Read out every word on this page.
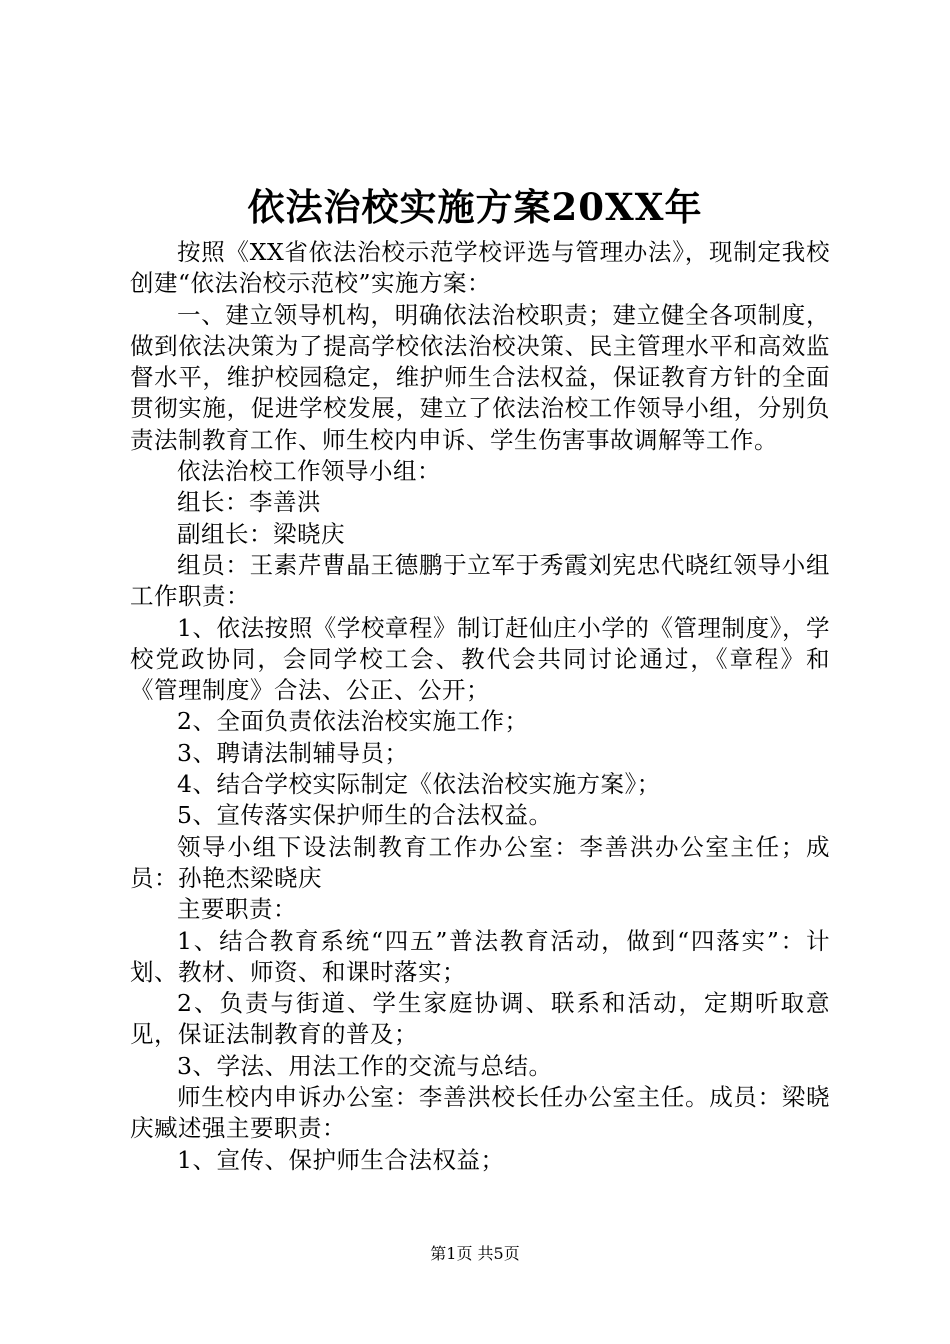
依法治校实施方案20XX年

按照《XX省依法治校示范学校评选与管理办法》，现制定我校创建“依法治校示范校”实施方案：

一、建立领导机构，明确依法治校职责；建立健全各项制度，做到依法决策为了提高学校依法治校决策、民主管理水平和高效监督水平，维护校园稳定，维护师生合法权益，保证教育方针的全面贯彻实施，促进学校发展，建立了依法治校工作领导小组，分别负责法制教育工作、师生校内申诉、学生伤害事故调解等工作。

依法治校工作领导小组：

组长：李善洪

副组长：梁晓庆

组员：王素芹曹晶王德鹏于立军于秀霞刘宪忠代晓红领导小组工作职责：

1、依法按照《学校章程》制订赶仙庄小学的《管理制度》，学校党政协同，会同学校工会、教代会共同讨论通过，《章程》和《管理制度》合法、公正、公开；

2、全面负责依法治校实施工作；

3、聘请法制辅导员；

4、结合学校实际制定《依法治校实施方案》；

5、宣传落实保护师生的合法权益。

领导小组下设法制教育工作办公室：李善洪办公室主任；成员：孙艳杰梁晓庆

主要职责：

1、结合教育系统“四五”普法教育活动，做到“四落实”：计划、教材、师资、和课时落实；

2、负责与街道、学生家庭协调、联系和活动，定期听取意见，保证法制教育的普及；

3、学法、用法工作的交流与总结。

师生校内申诉办公室：李善洪校长任办公室主任。成员：梁晓庆臧述强主要职责：

1、宣传、保护师生合法权益；

第1页 共5页
